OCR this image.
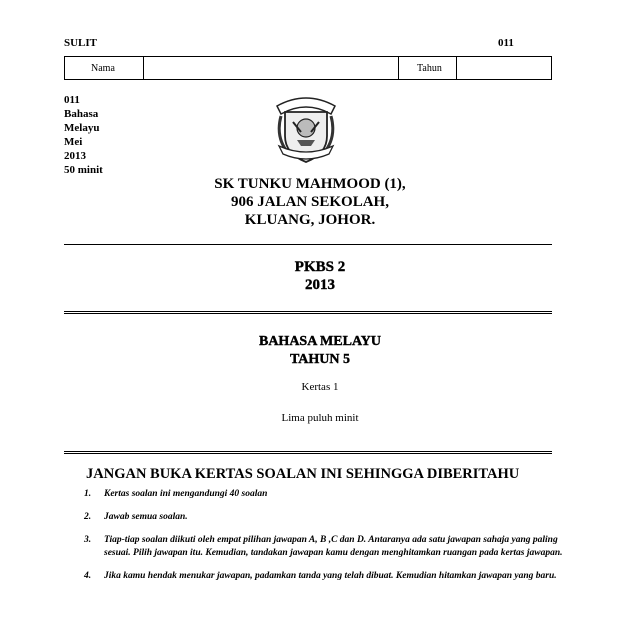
SULIT	011
Nama	Tahun
011
Bahasa
Melayu
Mei
2013
50 minit
SK TUNKU MAHMOOD (1),
906 JALAN SEKOLAH,
KLUANG, JOHOR.
PKBS 2
2013
BAHASA MELAYU
TAHUN 5
Kertas 1
Lima puluh minit
JANGAN BUKA KERTAS SOALAN INI SEHINGGA DIBERITAHU
1.	Kertas soalan ini mengandungi 40 soalan
2.	Jawab semua soalan.
3.	Tiap-tiap soalan diikuti oleh empat pilihan jawapan A, B ,C dan D. Antaranya ada satu jawapan sahaja yang paling sesuai. Pilih jawapan itu. Kemudian, tandakan jawapan kamu dengan menghitamkan ruangan pada kertas jawapan.
4.	Jika kamu hendak menukar jawapan, padamkan tanda yang telah dibuat. Kemudian hitamkan jawapan yang baru.
